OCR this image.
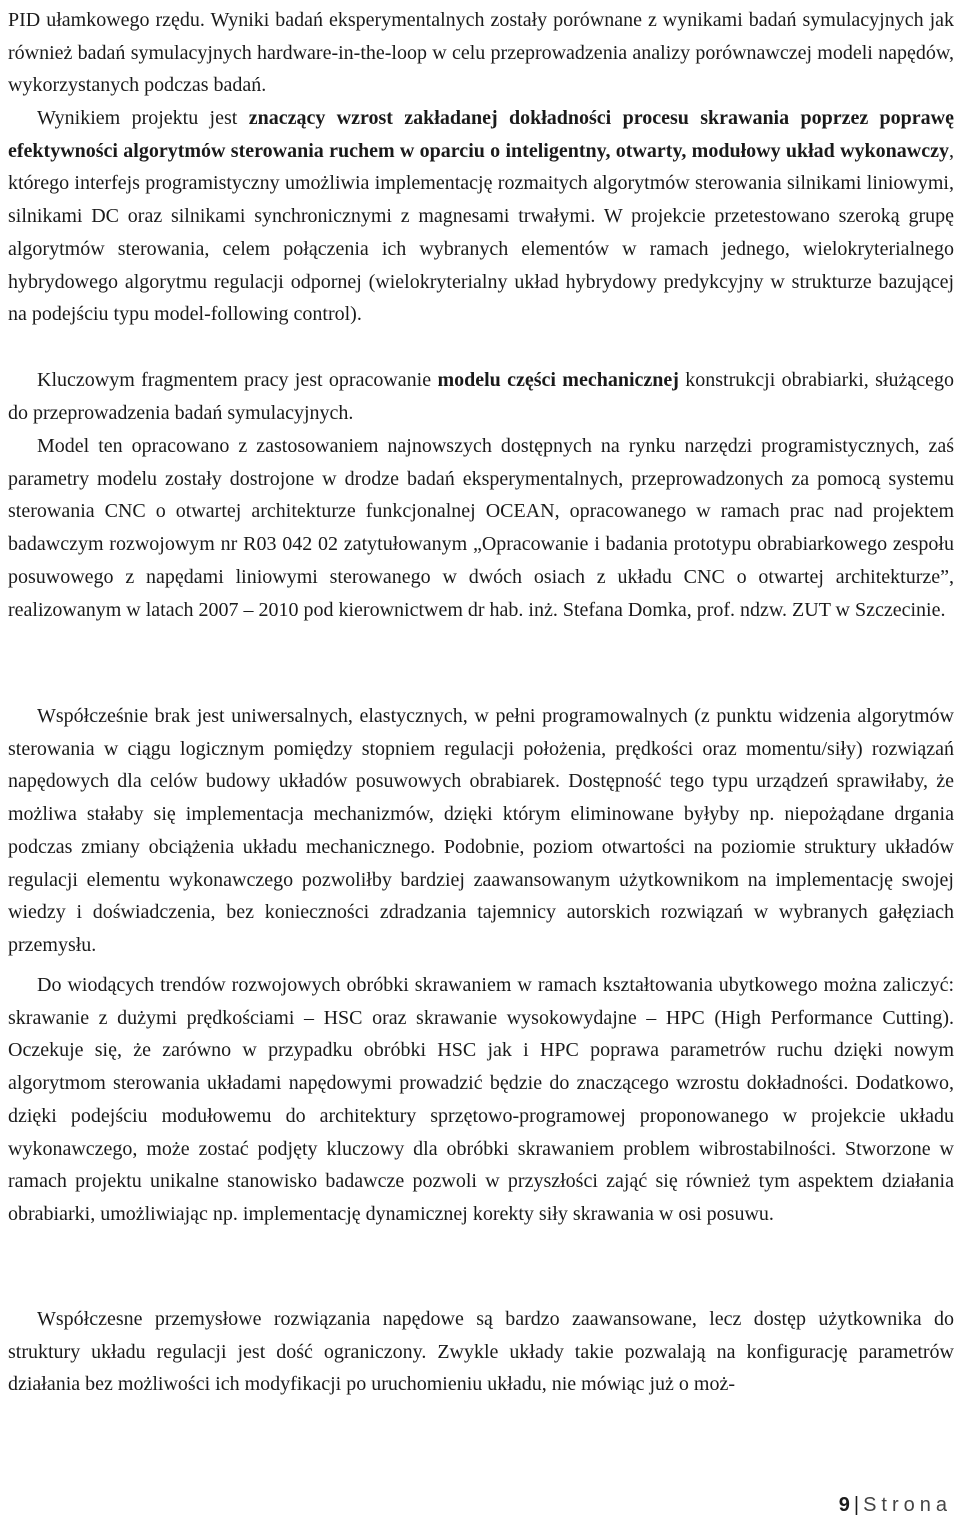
PID ułamkowego rzędu. Wyniki badań eksperymentalnych zostały porównane z wynikami badań symulacyjnych jak również badań symulacyjnych hardware-in-the-loop w celu przeprowadzenia analizy porównawczej modeli napędów, wykorzystanych podczas badań.

Wynikiem projektu jest znaczący wzrost zakładanej dokładności procesu skrawania poprzez poprawę efektywności algorytmów sterowania ruchem w oparciu o inteligentny, otwarty, modułowy układ wykonawczy, którego interfejs programistyczny umożliwia implementację rozmaitych algorytmów sterowania silnikami liniowymi, silnikami DC oraz silnikami synchronicznymi z magnesami trwałymi. W projekcie przetestowano szeroką grupę algorytmów sterowania, celem połączenia ich wybranych elementów w ramach jednego, wielokryterialnego hybrydowego algorytmu regulacji odpornej (wielokryterialny układ hybrydowy predykcyjny w strukturze bazującej na podejściu typu model-following control).

Kluczowym fragmentem pracy jest opracowanie modelu części mechanicznej konstrukcji obrabiarki, służącego do przeprowadzenia badań symulacyjnych.

Model ten opracowano z zastosowaniem najnowszych dostępnych na rynku narzędzi programistycznych, zaś parametry modelu zostały dostrojone w drodze badań eksperymentalnych, przeprowadzonych za pomocą systemu sterowania CNC o otwartej architekturze funkcjonalnej OCEAN, opracowanego w ramach prac nad projektem badawczym rozwojowym nr R03 042 02 zatytułowanym „Opracowanie i badania prototypu obrabiarkowego zespołu posuwowego z napędami liniowymi sterowanego w dwóch osiach z układu CNC o otwartej architekturze”, realizowanym w latach 2007 – 2010 pod kierownictwem dr hab. inż. Stefana Domka, prof. ndzw. ZUT w Szczecinie.

Współcześnie brak jest uniwersalnych, elastycznych, w pełni programowalnych (z punktu widzenia algorytmów sterowania w ciągu logicznym pomiędzy stopniem regulacji położenia, prędkości oraz momentu/siły) rozwiązań napędowych dla celów budowy układów posuwowych obrabiarek. Dostępność tego typu urządzeń sprawiłaby, że możliwa stałaby się implementacja mechanizmów, dzięki którym eliminowane byłyby np. niepożądane drgania podczas zmiany obciążenia układu mechanicznego. Podobnie, poziom otwartości na poziomie struktury układów regulacji elementu wykonawczego pozwoliłby bardziej zaawansowanym użytkownikom na implementację swojej wiedzy i doświadczenia, bez konieczności zdradzania tajemnicy autorskich rozwiązań w wybranych gałęziach przemysłu.

Do wiodących trendów rozwojowych obróbki skrawaniem w ramach kształtowania ubytkowego można zaliczyć: skrawanie z dużymi prędkościami – HSC oraz skrawanie wysokowydajne – HPC (High Performance Cutting). Oczekuje się, że zarówno w przypadku obróbki HSC jak i HPC poprawa parametrów ruchu dzięki nowym algorytmom sterowania układami napędowymi prowadzić będzie do znaczącego wzrostu dokładności. Dodatkowo, dzięki podejściu modułowemu do architektury sprzętowo-programowej proponowanego w projekcie układu wykonawczego, może zostać podjęty kluczowy dla obróbki skrawaniem problem wibrostabilności. Stworzone w ramach projektu unikalne stanowisko badawcze pozwoli w przyszłości zająć się również tym aspektem działania obrabiarki, umożliwiając np. implementację dynamicznej korekty siły skrawania w osi posuwu.

Współczesne przemysłowe rozwiązania napędowe są bardzo zaawansowane, lecz dostęp użytkownika do struktury układu regulacji jest dość ograniczony. Zwykle układy takie pozwalają na konfigurację parametrów działania bez możliwości ich modyfikacji po uruchomieniu układu, nie mówiąc już o moż-

9 | Strona
